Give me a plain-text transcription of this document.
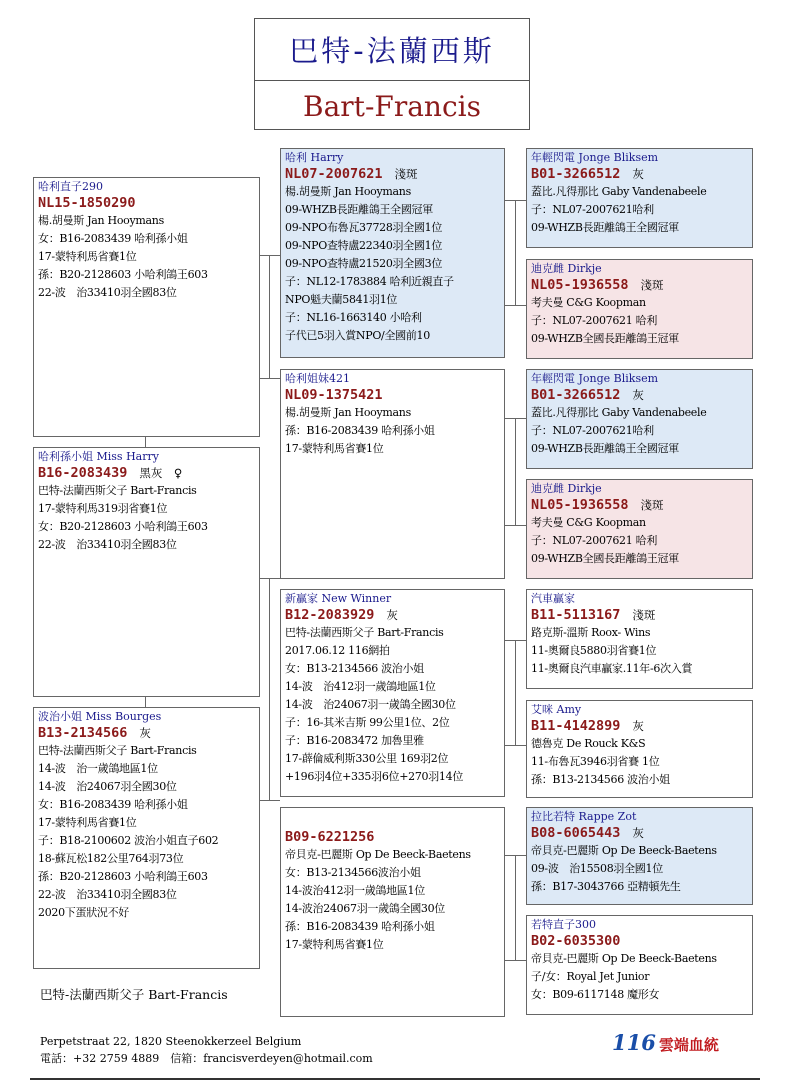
巴特-法蘭西斯
Bart-Francis
哈利直子290
NL15-1850290
楊.胡曼斯 Jan Hooymans
女：B16-2083439 哈利孫小姐
17-蒙特利馬省賽1位
孫：B20-2128603 小哈利鴿王603
22-波　治33410羽全國83位
哈利孫小姐 Miss Harry
B16-2083439 黑灰　♀
巴特-法蘭西斯父子 Bart-Francis
17-蒙特利馬319羽省賽1位
女：B20-2128603 小哈利鴿王603
22-波　治33410羽全國83位
波治小姐 Miss Bourges
B13-2134566 灰
巴特-法蘭西斯父子 Bart-Francis
14-波　治一歲鴿地區1位
14-波　治24067羽全國30位
女：B16-2083439 哈利孫小姐
17-蒙特利馬省賽1位
子：B18-2100602 波治小姐直子602
18-蘇瓦松182公里764羽73位
孫：B20-2128603 小哈利鴿王603
22-波　治33410羽全國83位
2020下蛋狀況不好
哈利 Harry
NL07-2007621 淺斑
楊.胡曼斯 Jan Hooymans
09-WHZB長距離鴿王全國冠軍
09-NPO布魯瓦37728羽全國1位
09-NPO查特盧22340羽全國1位
09-NPO查特盧21520羽全國3位
子：NL12-1783884 哈利近親直子
NPO魁夫蘭5841羽1位
子：NL16-1663140 小哈利
子代已5羽入賞NPO/全國前10
哈利姐妹421
NL09-1375421
楊.胡曼斯 Jan Hooymans
孫：B16-2083439 哈利孫小姐
17-蒙特利馬省賽1位
新贏家 New Winner
B12-2083929 灰
巴特-法蘭西斯父子 Bart-Francis
2017.06.12 116網拍
女：B13-2134566 波治小姐
14-波　治412羽一歲鴿地區1位
14-波　治24067羽一歲鴿全國30位
子：16-其米吉斯 99公里1位、2位
子：B16-2083472 加魯里雅
17-薜倫威利斯330公里 169羽2位
+196羽4位+335羽6位+270羽14位
B09-6221256
帝貝克-巴麗斯 Op De Beeck-Baetens
女：B13-2134566波治小姐
14-波治412羽一歲鴿地區1位
14-波治24067羽一歲鴿全國30位
孫：B16-2083439 哈利孫小姐
17-蒙特利馬省賽1位
年輕閃電 Jonge Bliksem
B01-3266512 灰
蓋比.凡得那比 Gaby Vandenabeele
子：NL07-2007621哈利
09-WHZB長距離鴿王全國冠軍
迪克雌 Dirkje
NL05-1936558 淺斑
考夫曼 C&G Koopman
子：NL07-2007621 哈利
09-WHZB全國長距離鴿王冠軍
年輕閃電 Jonge Bliksem
B01-3266512 灰
蓋比.凡得那比 Gaby Vandenabeele
子：NL07-2007621哈利
09-WHZB長距離鴿王全國冠軍
迪克雌 Dirkje
NL05-1936558 淺斑
考夫曼 C&G Koopman
子：NL07-2007621 哈利
09-WHZB全國長距離鴿王冠軍
汽車贏家
B11-5113167 淺斑
路克斯-溫斯 Roox- Wins
11-奧爾良5880羽省賽1位
11-奧爾良汽車贏家.11年-6次入賞
艾咪 Amy
B11-4142899 灰
德魯克 De Rouck K&S
11-布魯瓦3946羽省賽 1位
孫：B13-2134566 波治小姐
拉比若特 Rappe Zot
B08-6065443 灰
帝貝克-巴麗斯 Op De Beeck-Baetens
09-波　治15508羽全國1位
孫：B17-3043766 亞精頓先生
若特直子300
B02-6035300
帝貝克-巴麗斯 Op De Beeck-Baetens
子/女：Royal Jet Junior
女：B09-6117148 魔形女
巴特-法蘭西斯父子 Bart-Francis
Perpetstraat 22, 1820 Steenokkerzeel Belgium
電話：+32 2759 4889　信箱：francisverdeyen@hotmail.com
116 雲端血統
